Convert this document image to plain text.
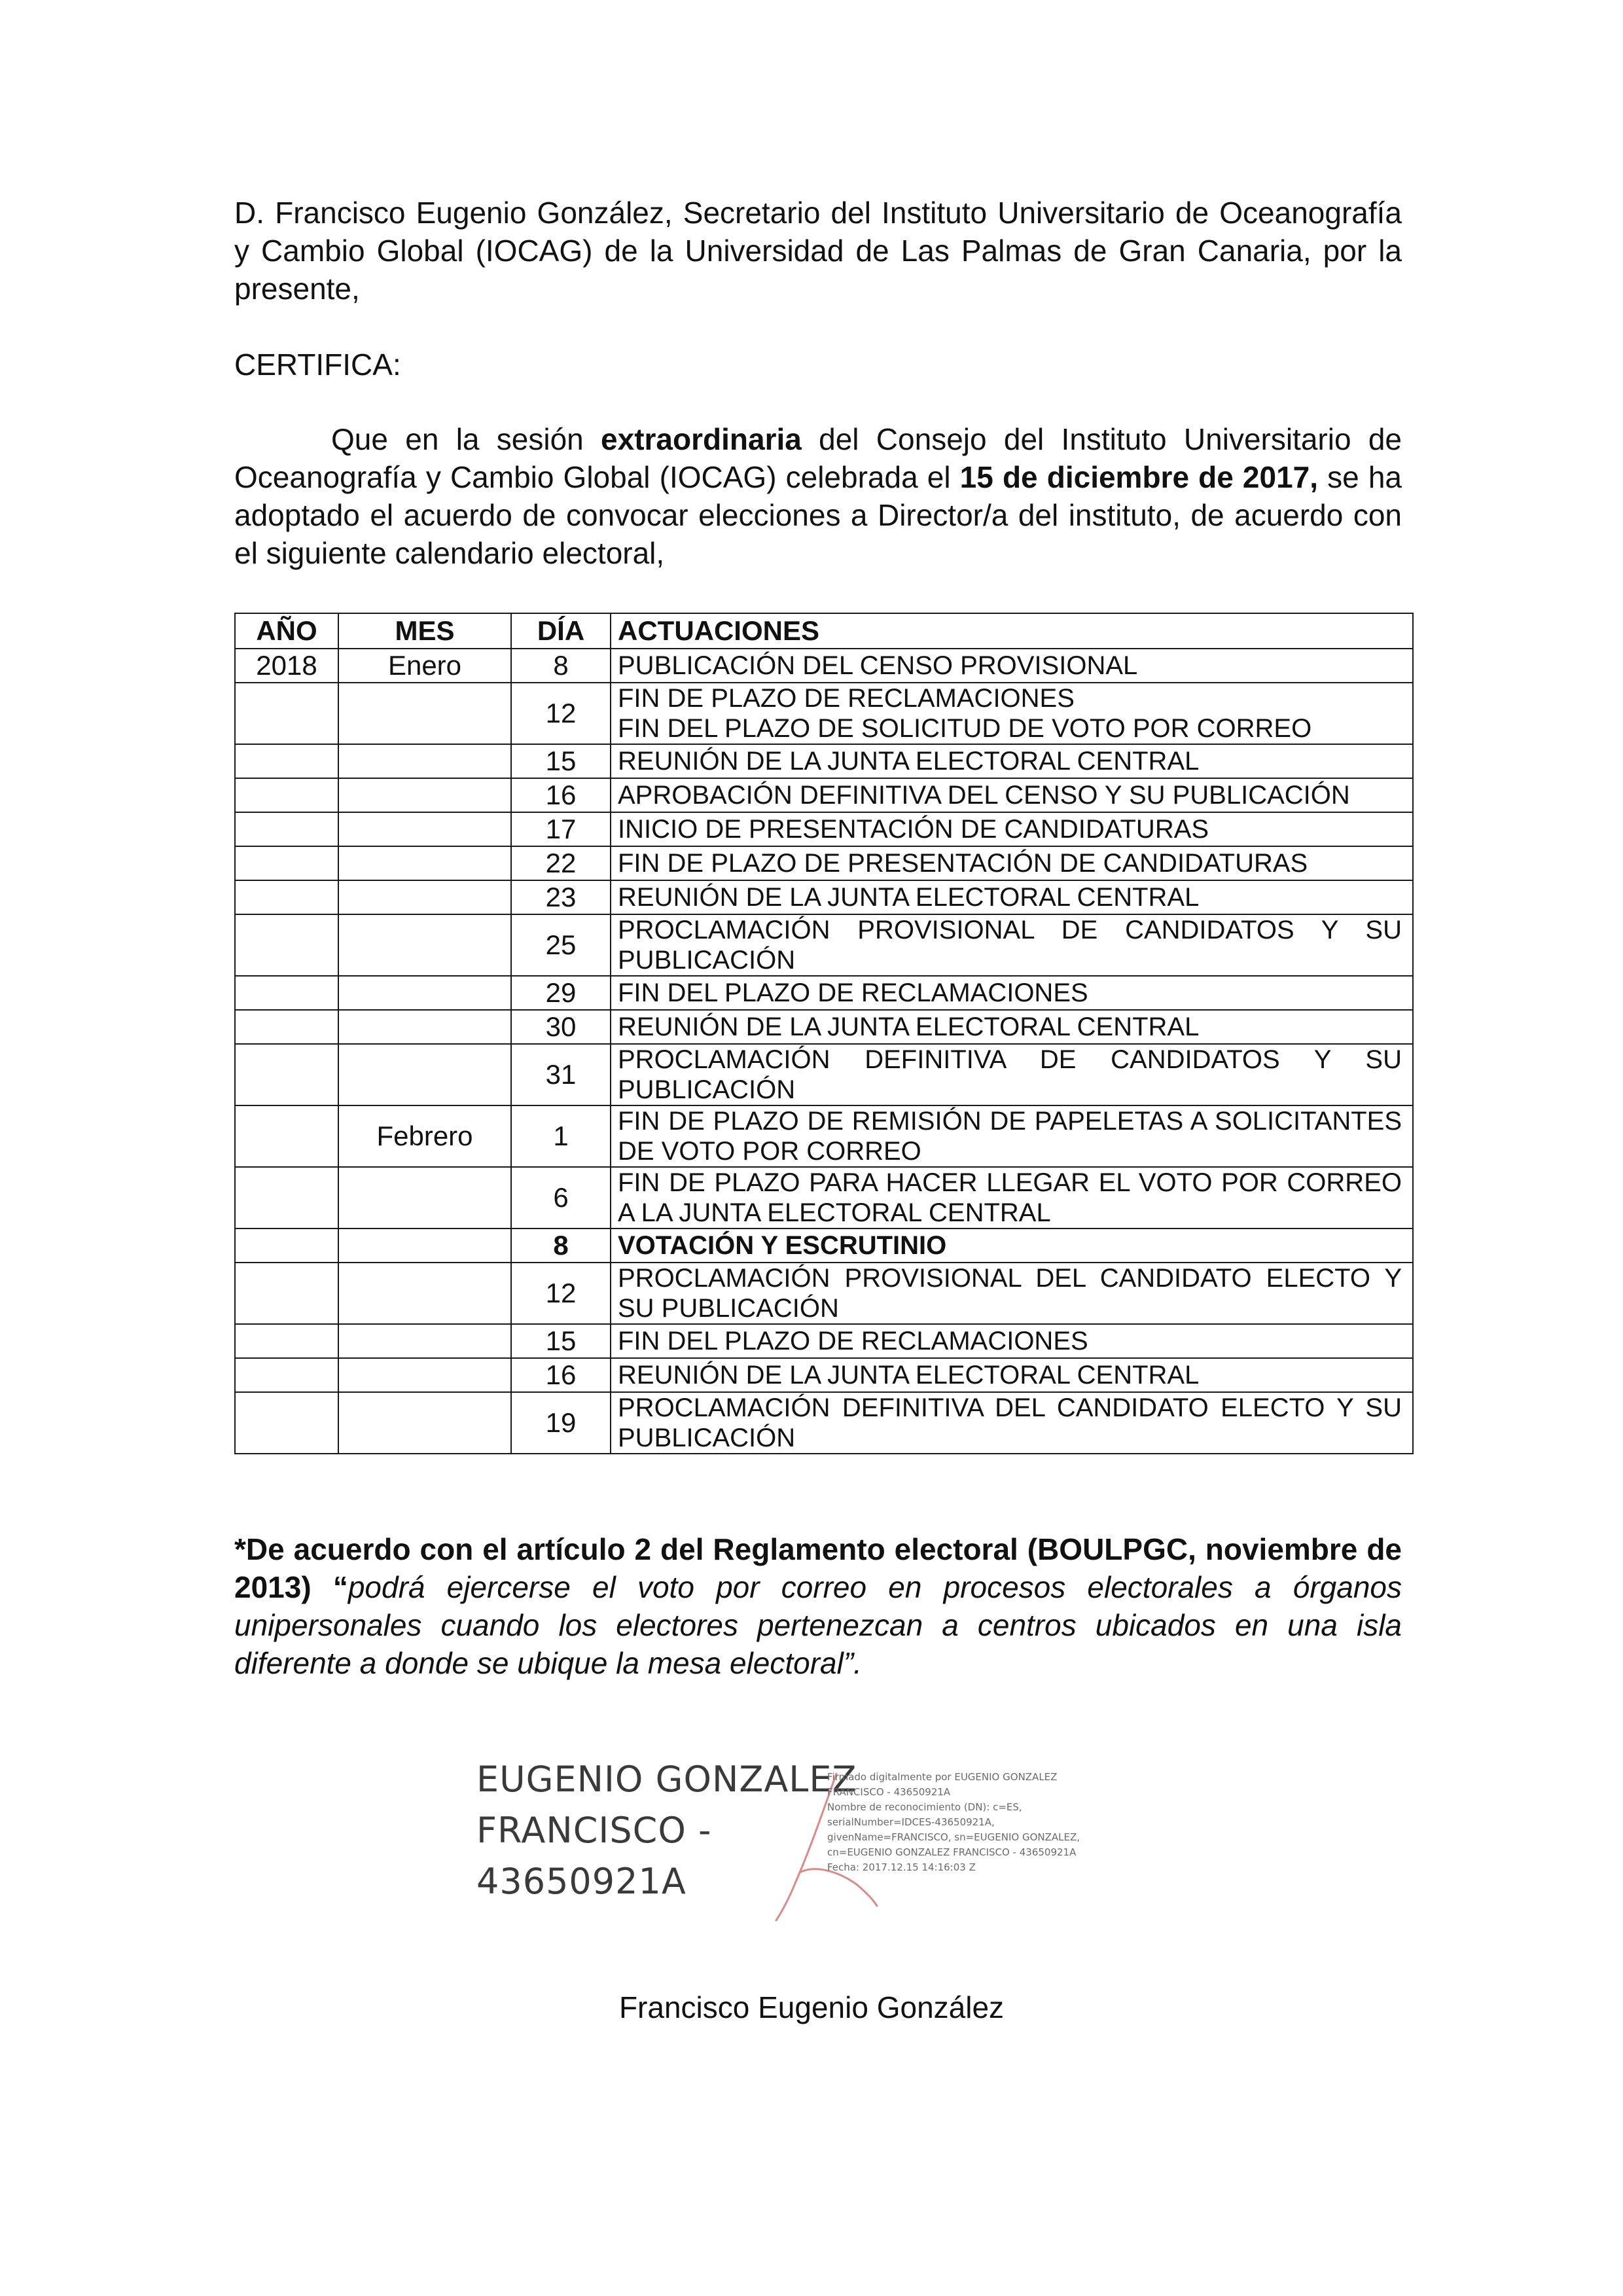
D. Francisco Eugenio González, Secretario del Instituto Universitario de Oceanografía y Cambio Global (IOCAG) de la Universidad de Las Palmas de Gran Canaria, por la presente,
CERTIFICA:
Que en la sesión extraordinaria del Consejo del Instituto Universitario de Oceanografía y Cambio Global (IOCAG) celebrada el 15 de diciembre de 2017, se ha adoptado el acuerdo de convocar elecciones a Director/a del instituto, de acuerdo con el siguiente calendario electoral,
AÑO	MES	DÍA	ACTUACIONES
2018	Enero	8	PUBLICACIÓN DEL CENSO PROVISIONAL
		12	FIN DE PLAZO DE RECLAMACIONES
FIN DEL PLAZO DE SOLICITUD DE VOTO POR CORREO
		15	REUNIÓN DE LA JUNTA ELECTORAL CENTRAL
		16	APROBACIÓN DEFINITIVA DEL CENSO Y SU PUBLICACIÓN
		17	INICIO DE PRESENTACIÓN DE CANDIDATURAS
		22	FIN DE PLAZO DE PRESENTACIÓN DE CANDIDATURAS
		23	REUNIÓN DE LA JUNTA ELECTORAL CENTRAL
		25	PROCLAMACIÓN PROVISIONAL DE CANDIDATOS Y SU PUBLICACIÓN
		29	FIN DEL PLAZO DE RECLAMACIONES
		30	REUNIÓN DE LA JUNTA ELECTORAL CENTRAL
		31	PROCLAMACIÓN DEFINITIVA DE CANDIDATOS Y SU PUBLICACIÓN
	Febrero	1	FIN DE PLAZO DE REMISIÓN DE PAPELETAS A SOLICITANTES DE VOTO POR CORREO
		6	FIN DE PLAZO PARA HACER LLEGAR EL VOTO POR CORREO A LA JUNTA ELECTORAL CENTRAL
		8	VOTACIÓN Y ESCRUTINIO
		12	PROCLAMACIÓN PROVISIONAL DEL CANDIDATO ELECTO Y SU PUBLICACIÓN
		15	FIN DEL PLAZO DE RECLAMACIONES
		16	REUNIÓN DE LA JUNTA ELECTORAL CENTRAL
		19	PROCLAMACIÓN DEFINITIVA DEL CANDIDATO ELECTO Y SU PUBLICACIÓN
*De acuerdo con el artículo 2 del Reglamento electoral (BOULPGC, noviembre de 2013) “podrá ejercerse el voto por correo en procesos electorales a órganos unipersonales cuando los electores pertenezcan a centros ubicados en una isla diferente a donde se ubique la mesa electoral”.
EUGENIO GONZALEZ
FRANCISCO -
43650921A
Firmado digitalmente por EUGENIO GONZALEZ
FRANCISCO - 43650921A
Nombre de reconocimiento (DN): c=ES,
serialNumber=IDCES-43650921A,
givenName=FRANCISCO, sn=EUGENIO GONZALEZ,
cn=EUGENIO GONZALEZ FRANCISCO - 43650921A
Fecha: 2017.12.15 14:16:03 Z
Francisco Eugenio González
